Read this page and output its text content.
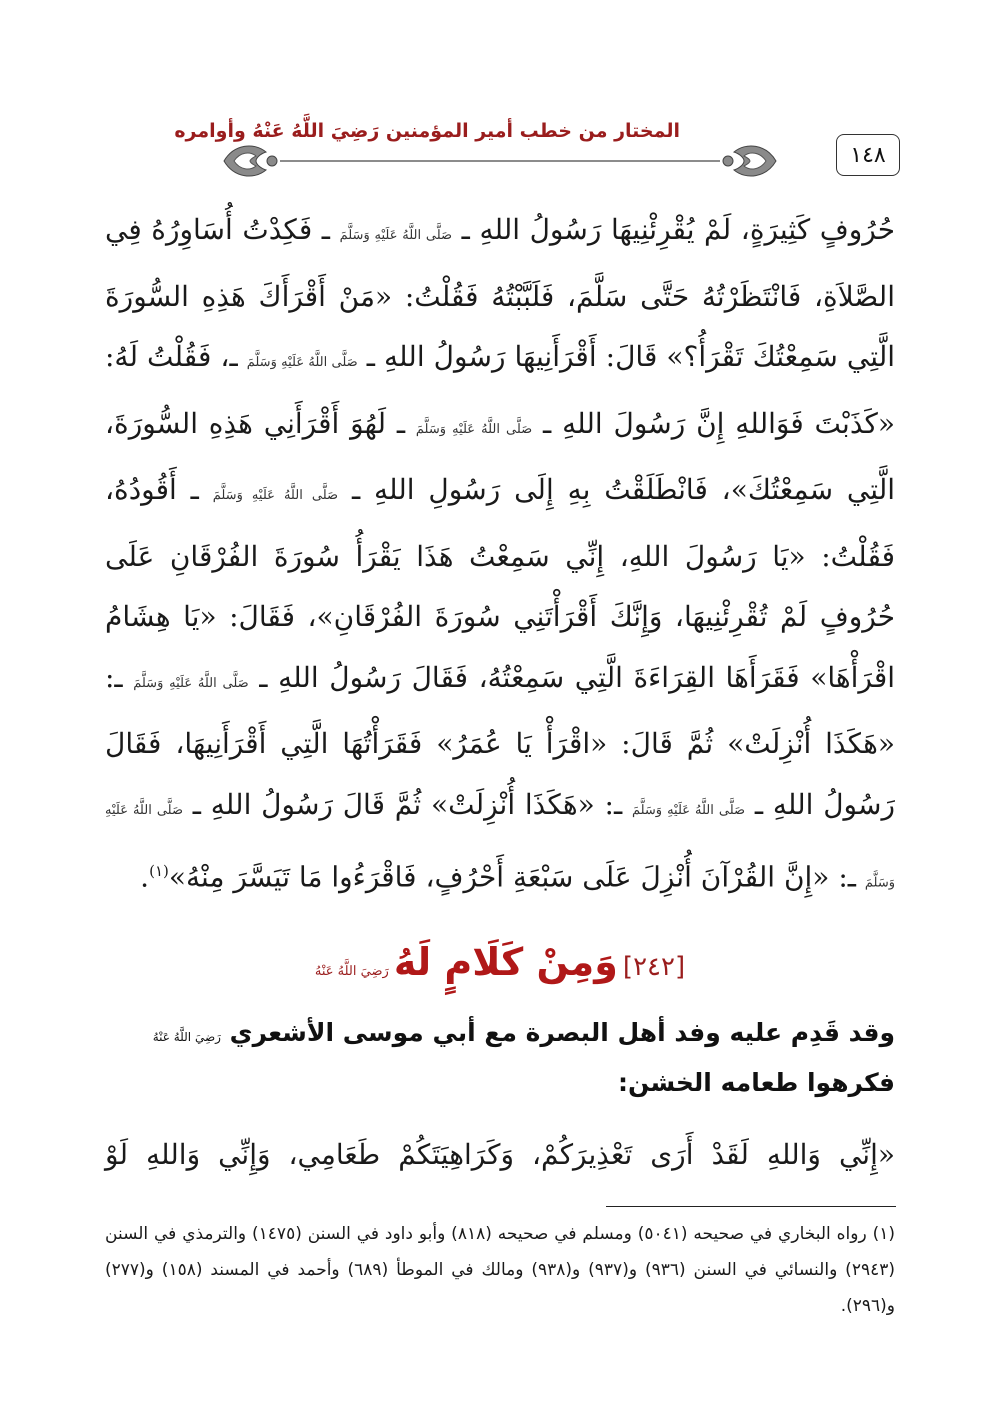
١٤٨
المختار من خطب أمير المؤمنين رَضِيَ اللَّهُ عَنْهُ وأوامره
حُرُوفٍ كَثِيرَةٍ، لَمْ يُقْرِئْنِيهَا رَسُولُ اللهِ ـ صَلَّى اللَّهُ عَلَيْهِ وَسَلَّمَ ـ فَكِدْتُ أُسَاوِرُهُ فِي الصَّلاَةِ، فَانْتَظَرْتُهُ حَتَّى سَلَّمَ، فَلَبَّبْتُهُ فَقُلْتُ: «مَنْ أَقْرَأَكَ هَذِهِ السُّورَةَ الَّتِي سَمِعْتُكَ تَقْرَأُ؟» قَالَ: أَقْرَأَنِيهَا رَسُولُ اللهِ ـ صَلَّى اللَّهُ عَلَيْهِ وَسَلَّمَ ـ، فَقُلْتُ لَهُ: «كَذَبْتَ فَوَاللهِ إِنَّ رَسُولَ اللهِ ـ صَلَّى اللَّهُ عَلَيْهِ وَسَلَّمَ ـ لَهُوَ أَقْرَأَنِي هَذِهِ السُّورَةَ، الَّتِي سَمِعْتُكَ»، فَانْطَلَقْتُ بِهِ إِلَى رَسُولِ اللهِ ـ صَلَّى اللَّهُ عَلَيْهِ وَسَلَّمَ ـ أَقُودُهُ، فَقُلْتُ: «يَا رَسُولَ اللهِ، إِنِّي سَمِعْتُ هَذَا يَقْرَأُ سُورَةَ الفُرْقَانِ عَلَى حُرُوفٍ لَمْ تُقْرِئْنِيهَا، وَإِنَّكَ أَقْرَأْتَنِي سُورَةَ الفُرْقَانِ»، فَقَالَ: «يَا هِشَامُ اقْرَأْهَا» فَقَرَأَهَا القِرَاءَةَ الَّتِي سَمِعْتُهُ، فَقَالَ رَسُولُ اللهِ ـ صَلَّى اللَّهُ عَلَيْهِ وَسَلَّمَ ـ: «هَكَذَا أُنْزِلَتْ» ثُمَّ قَالَ: «اقْرَأْ يَا عُمَرُ» فَقَرَأْتُهَا الَّتِي أَقْرَأَنِيهَا، فَقَالَ رَسُولُ اللهِ ـ صَلَّى اللَّهُ عَلَيْهِ وَسَلَّمَ ـ: «هَكَذَا أُنْزِلَتْ» ثُمَّ قَالَ رَسُولُ اللهِ ـ صَلَّى اللَّهُ عَلَيْهِ وَسَلَّمَ ـ: «إِنَّ القُرْآنَ أُنْزِلَ عَلَى سَبْعَةِ أَحْرُفٍ، فَاقْرَءُوا مَا تَيَسَّرَ مِنْهُ»$^{(١)}$.
[٢٤٢] وَمِنْ كَلَامٍ لَهُ رَضِيَ اللَّهُ عَنْهُ
وقد قَدِم عليه وفد أهل البصرة مع أبي موسى الأشعري رَضِيَ اللَّهُ عَنْهُ
فكرهوا طعامه الخشن:
«إِنِّي وَاللهِ لَقَدْ أَرَى تَعْذِيرَكُمْ، وَكَرَاهِيَتَكُمْ طَعَامِي، وَإِنِّي وَاللهِ لَوْ
(١) رواه البخاري في صحيحه (٥٠٤١) ومسلم في صحيحه (٨١٨) وأبو داود في السنن (١٤٧٥) والترمذي في السنن (٢٩٤٣) والنسائي في السنن (٩٣٦) و(٩٣٧) و(٩٣٨) ومالك في الموطأ (٦٨٩) وأحمد في المسند (١٥٨) و(٢٧٧) و(٢٩٦).
